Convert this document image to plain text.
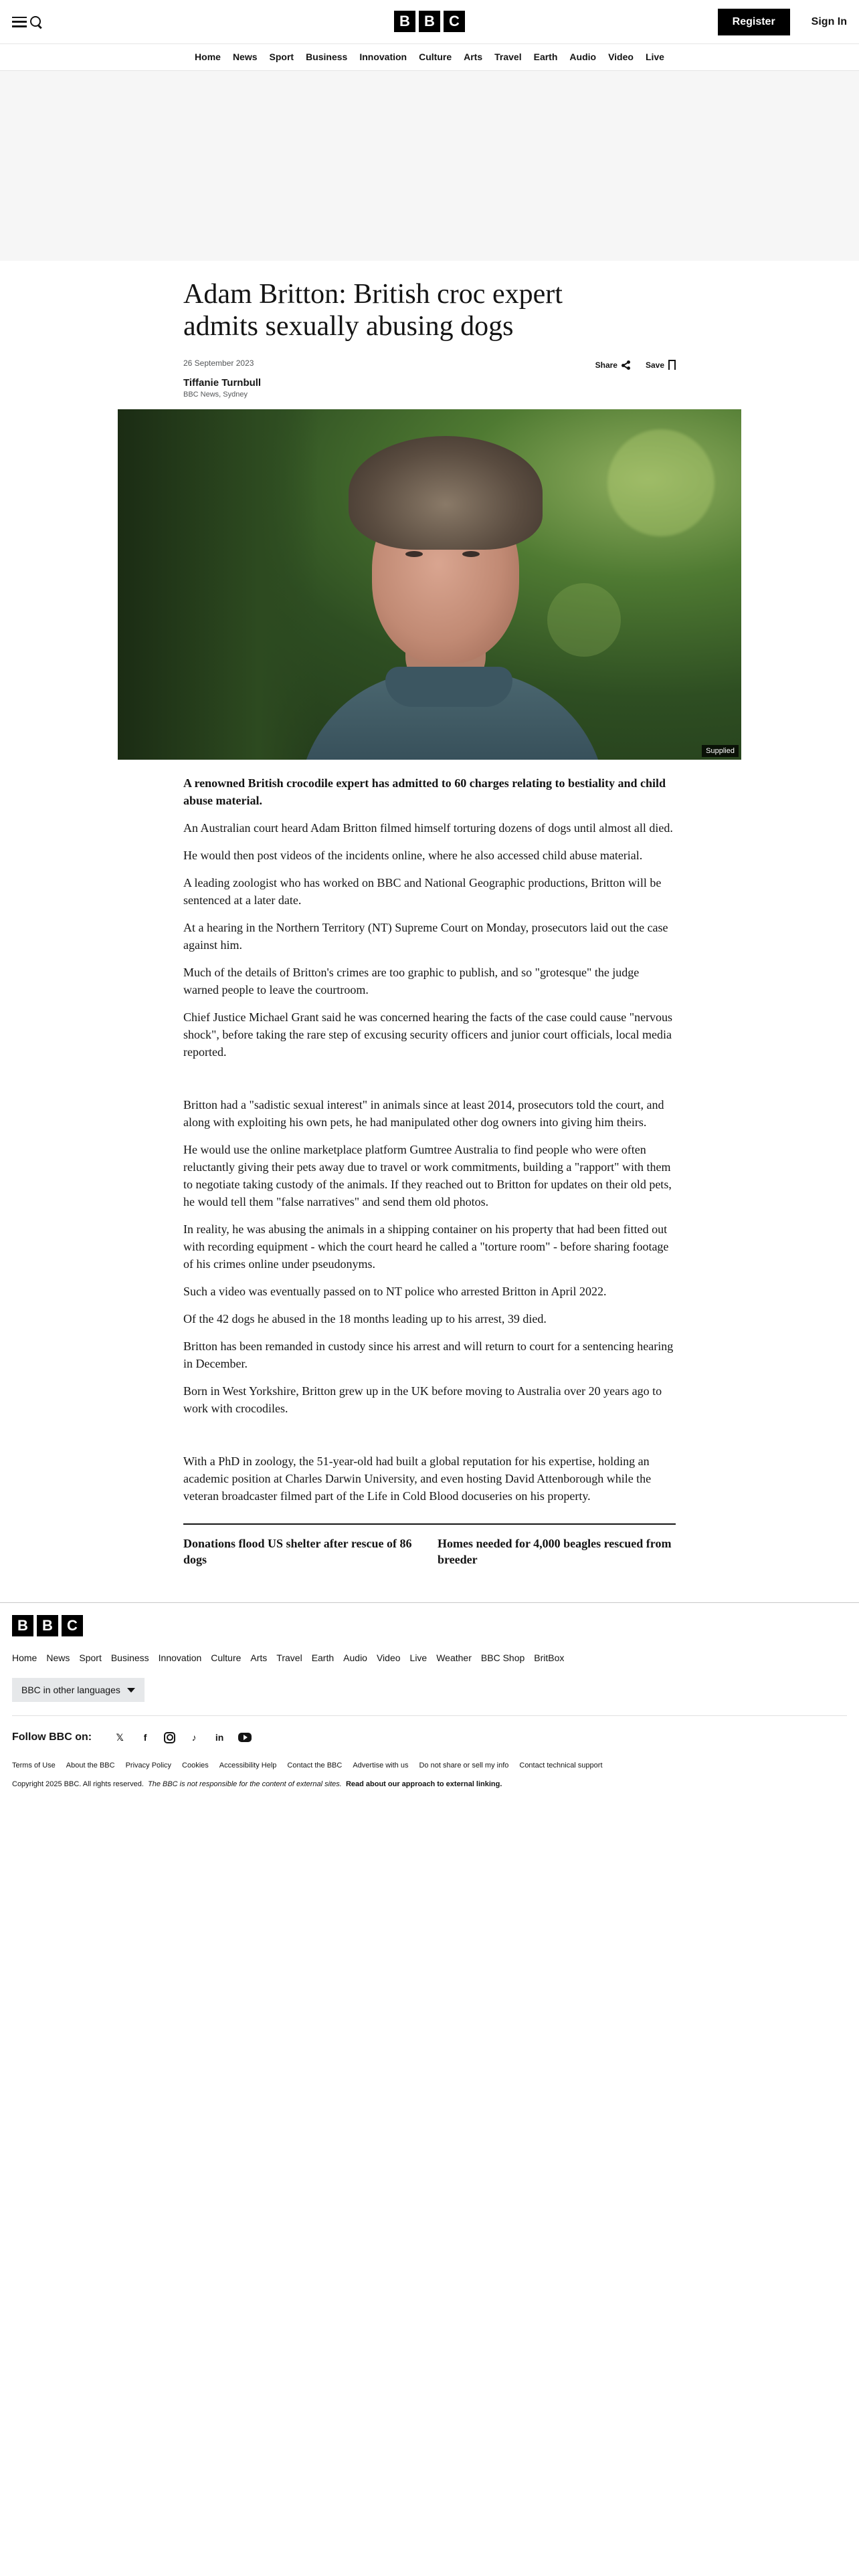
B B C	Register	Sign In
Home News Sport Business Innovation Culture Arts Travel Earth Audio Video Live
Adam Britton: British croc expert admits sexually abusing dogs
26 September 2023
Tiffanie Turnbull
BBC News, Sydney
Share	Save
Supplied

A renowned British crocodile expert has admitted to 60 charges relating to bestiality and child abuse material.

An Australian court heard Adam Britton filmed himself torturing dozens of dogs until almost all died.

He would then post videos of the incidents online, where he also accessed child abuse material.

A leading zoologist who has worked on BBC and National Geographic productions, Britton will be sentenced at a later date.

At a hearing in the Northern Territory (NT) Supreme Court on Monday, prosecutors laid out the case against him.

Much of the details of Britton's crimes are too graphic to publish, and so "grotesque" the judge warned people to leave the courtroom.

Chief Justice Michael Grant said he was concerned hearing the facts of the case could cause "nervous shock", before taking the rare step of excusing security officers and junior court officials, local media reported.

Britton had a "sadistic sexual interest" in animals since at least 2014, prosecutors told the court, and along with exploiting his own pets, he had manipulated other dog owners into giving him theirs.

He would use the online marketplace platform Gumtree Australia to find people who were often reluctantly giving their pets away due to travel or work commitments, building a "rapport" with them to negotiate taking custody of the animals. If they reached out to Britton for updates on their old pets, he would tell them "false narratives" and send them old photos.

In reality, he was abusing the animals in a shipping container on his property that had been fitted out with recording equipment - which the court heard he called a "torture room" - before sharing footage of his crimes online under pseudonyms.

Such a video was eventually passed on to NT police who arrested Britton in April 2022.

Of the 42 dogs he abused in the 18 months leading up to his arrest, 39 died.

Britton has been remanded in custody since his arrest and will return to court for a sentencing hearing in December.

Born in West Yorkshire, Britton grew up in the UK before moving to Australia over 20 years ago to work with crocodiles.

With a PhD in zoology, the 51-year-old had built a global reputation for his expertise, holding an academic position at Charles Darwin University, and even hosting David Attenborough while the veteran broadcaster filmed part of the Life in Cold Blood docuseries on his property.

Donations flood US shelter after rescue of 86 dogs
Homes needed for 4,000 beagles rescued from breeder
B B C
Home News Sport Business Innovation Culture Arts Travel Earth Audio Video Live Weather BBC Shop BritBox
BBC in other languages
Follow BBC on:	𝕏	f	♪	in
Terms of Use About the BBC Privacy Policy Cookies Accessibility Help Contact the BBC Advertise with us Do not share or sell my info Contact technical support
Copyright 2025 BBC. All rights reserved. The BBC is not responsible for the content of external sites. Read about our approach to external linking.
